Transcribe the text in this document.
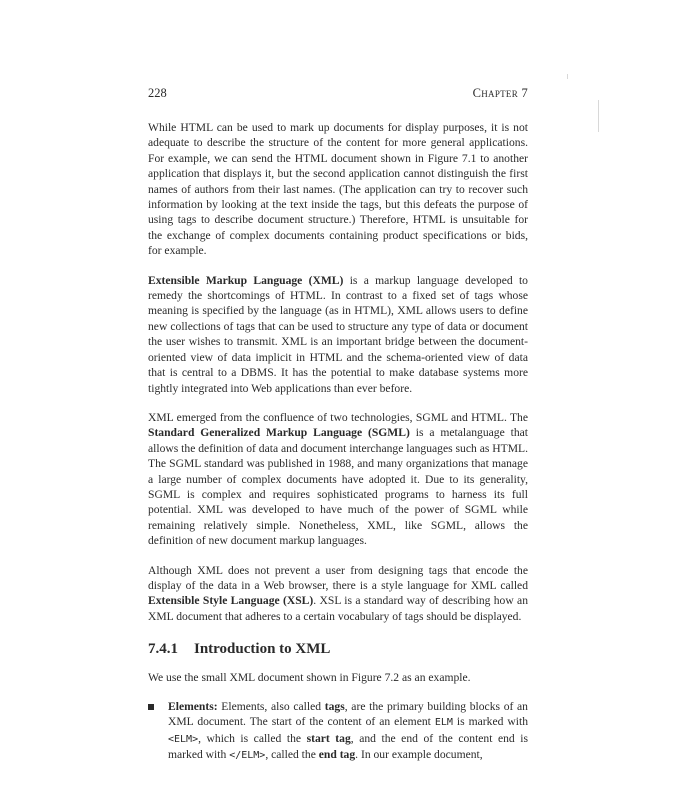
228	Chapter 7

While HTML can be used to mark up documents for display purposes, it is not adequate to describe the structure of the content for more general applications. For example, we can send the HTML document shown in Figure 7.1 to another application that displays it, but the second application cannot distinguish the first names of authors from their last names. (The application can try to recover such information by looking at the text inside the tags, but this defeats the purpose of using tags to describe document structure.) Therefore, HTML is unsuitable for the exchange of complex documents containing product specifications or bids, for example.

Extensible Markup Language (XML) is a markup language developed to remedy the shortcomings of HTML. In contrast to a fixed set of tags whose meaning is specified by the language (as in HTML), XML allows users to define new collections of tags that can be used to structure any type of data or document the user wishes to transmit. XML is an important bridge between the document-oriented view of data implicit in HTML and the schema-oriented view of data that is central to a DBMS. It has the potential to make database systems more tightly integrated into Web applications than ever before.

XML emerged from the confluence of two technologies, SGML and HTML. The Standard Generalized Markup Language (SGML) is a metalanguage that allows the definition of data and document interchange languages such as HTML. The SGML standard was published in 1988, and many organizations that manage a large number of complex documents have adopted it. Due to its generality, SGML is complex and requires sophisticated programs to harness its full potential. XML was developed to have much of the power of SGML while remaining relatively simple. Nonetheless, XML, like SGML, allows the definition of new document markup languages.

Although XML does not prevent a user from designing tags that encode the display of the data in a Web browser, there is a style language for XML called Extensible Style Language (XSL). XSL is a standard way of describing how an XML document that adheres to a certain vocabulary of tags should be displayed.

7.4.1 Introduction to XML

We use the small XML document shown in Figure 7.2 as an example.

Elements: Elements, also called tags, are the primary building blocks of an XML document. The start of the content of an element ELM is marked with <ELM>, which is called the start tag, and the end of the content end is marked with </ELM>, called the end tag. In our example document,
